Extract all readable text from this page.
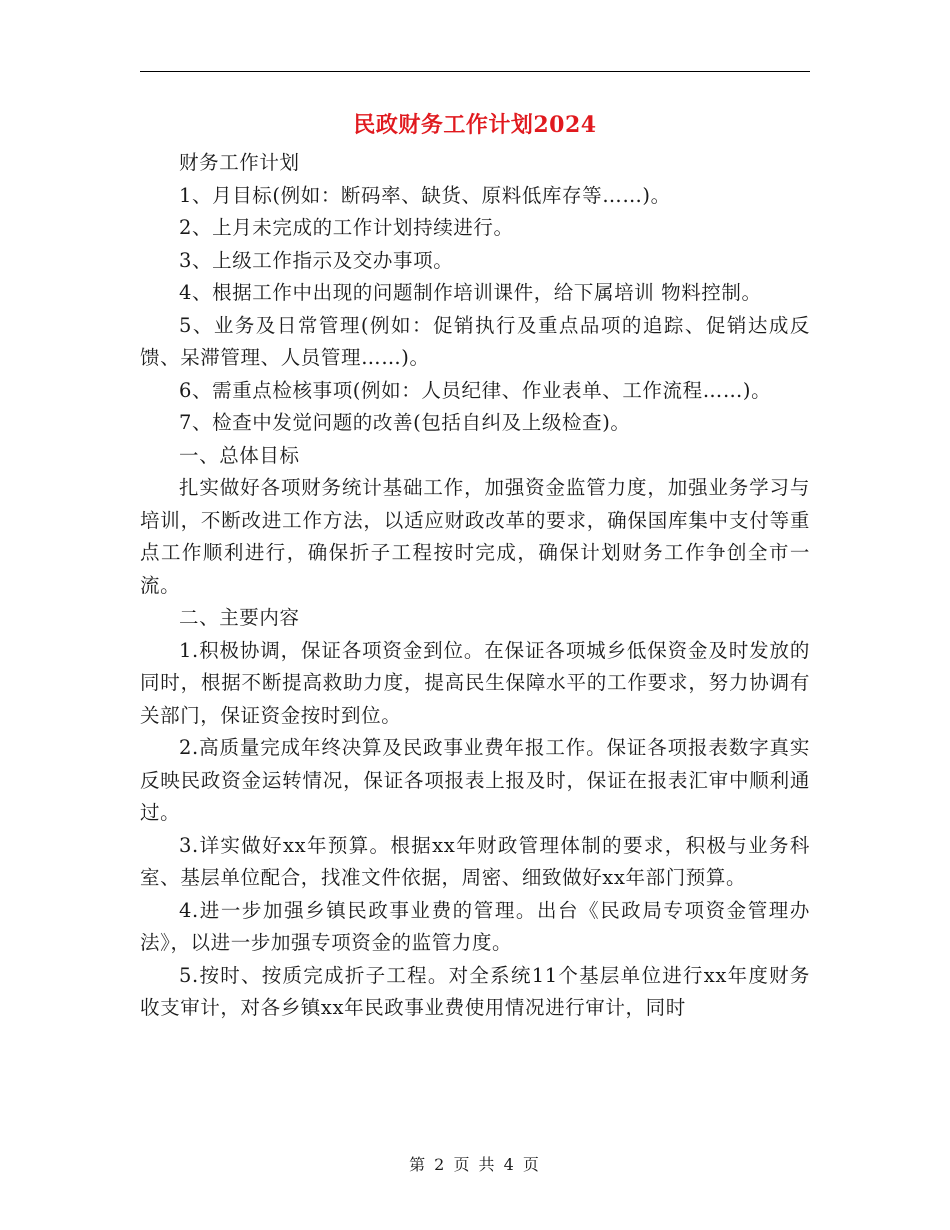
民政财务工作计划2024

财务工作计划

1、月目标(例如：断码率、缺货、原料低库存等……)。

2、上月未完成的工作计划持续进行。

3、上级工作指示及交办事项。

4、根据工作中出现的问题制作培训课件，给下属培训 物料控制。

5、业务及日常管理(例如：促销执行及重点品项的追踪、促销达成反馈、呆滞管理、人员管理……)。

6、需重点检核事项(例如：人员纪律、作业表单、工作流程……)。

7、检查中发觉问题的改善(包括自纠及上级检查)。

一、总体目标

扎实做好各项财务统计基础工作，加强资金监管力度，加强业务学习与培训，不断改进工作方法，以适应财政改革的要求，确保国库集中支付等重点工作顺利进行，确保折子工程按时完成，确保计划财务工作争创全市一流。

二、主要内容

1.积极协调，保证各项资金到位。在保证各项城乡低保资金及时发放的同时，根据不断提高救助力度，提高民生保障水平的工作要求，努力协调有关部门，保证资金按时到位。

2.高质量完成年终决算及民政事业费年报工作。保证各项报表数字真实反映民政资金运转情况，保证各项报表上报及时，保证在报表汇审中顺利通过。

3.详实做好xx年预算。根据xx年财政管理体制的要求，积极与业务科室、基层单位配合，找准文件依据，周密、细致做好xx年部门预算。

4.进一步加强乡镇民政事业费的管理。出台《民政局专项资金管理办法》，以进一步加强专项资金的监管力度。

5.按时、按质完成折子工程。对全系统11个基层单位进行xx年度财务收支审计，对各乡镇xx年民政事业费使用情况进行审计，同时

第 2 页 共 4 页
